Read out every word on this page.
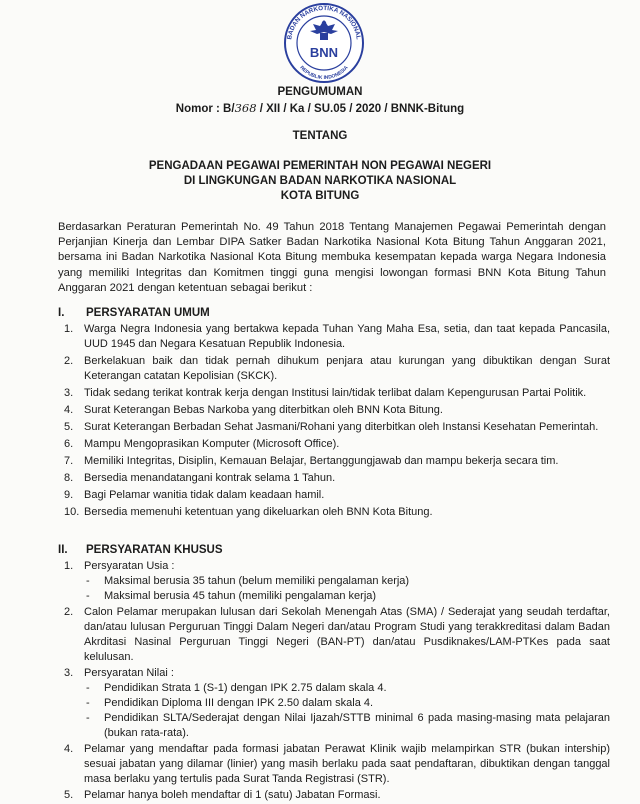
BADAN NARKOTIKA NASIONAL
REPUBLIK INDONESIA
BNN
PENGUMUMAN
Nomor : B/368 / XII / Ka / SU.05 / 2020 / BNNK-Bitung
TENTANG
PENGADAAN PEGAWAI PEMERINTAH NON PEGAWAI NEGERI
DI LINGKUNGAN BADAN NARKOTIKA NASIONAL
KOTA BITUNG
Berdasarkan Peraturan Pemerintah No. 49 Tahun 2018 Tentang Manajemen Pegawai Pemerintah dengan Perjanjian Kinerja dan Lembar DIPA Satker Badan Narkotika Nasional Kota Bitung Tahun Anggaran 2021, bersama ini Badan Narkotika Nasional Kota Bitung membuka kesempatan kepada warga Negara Indonesia yang memiliki Integritas dan Komitmen tinggi guna mengisi lowongan formasi BNN Kota Bitung Tahun Anggaran 2021 dengan ketentuan sebagai berikut :
I. PERSYARATAN UMUM
1. Warga Negra Indonesia yang bertakwa kepada Tuhan Yang Maha Esa, setia, dan taat kepada Pancasila, UUD 1945 dan Negara Kesatuan Republik Indonesia.
2. Berkelakuan baik dan tidak pernah dihukum penjara atau kurungan yang dibuktikan dengan Surat Keterangan catatan Kepolisian (SKCK).
3. Tidak sedang terikat kontrak kerja dengan Institusi lain/tidak terlibat dalam Kepengurusan Partai Politik.
4. Surat Keterangan Bebas Narkoba yang diterbitkan oleh BNN Kota Bitung.
5. Surat Keterangan Berbadan Sehat Jasmani/Rohani yang diterbitkan oleh Instansi Kesehatan Pemerintah.
6. Mampu Mengoprasikan Komputer (Microsoft Office).
7. Memiliki Integritas, Disiplin, Kemauan Belajar, Bertanggungjawab dan mampu bekerja secara tim.
8. Bersedia menandatangani kontrak selama 1 Tahun.
9. Bagi Pelamar wanitia tidak dalam keadaan hamil.
10. Bersedia memenuhi ketentuan yang dikeluarkan oleh BNN Kota Bitung.
II. PERSYARATAN KHUSUS
1. Persyaratan Usia :
- Maksimal berusia 35 tahun (belum memiliki pengalaman kerja)
- Maksimal berusia 45 tahun (memiliki pengalaman kerja)
2. Calon Pelamar merupakan lulusan dari Sekolah Menengah Atas (SMA) / Sederajat yang seudah terdaftar, dan/atau lulusan Perguruan Tinggi Dalam Negeri dan/atau Program Studi yang terakkreditasi dalam Badan Akrditasi Nasinal Perguruan Tinggi Negeri (BAN-PT) dan/atau Pusdiknakes/LAM-PTKes pada saat kelulusan.
3. Persyaratan Nilai :
- Pendidikan Strata 1 (S-1) dengan IPK 2.75 dalam skala 4.
- Pendidikan Diploma III dengan IPK 2.50 dalam skala 4.
- Pendidikan SLTA/Sederajat dengan Nilai Ijazah/STTB minimal 6 pada masing-masing mata pelajaran (bukan rata-rata).
4. Pelamar yang mendaftar pada formasi jabatan Perawat Klinik wajib melampirkan STR (bukan intership) sesuai jabatan yang dilamar (linier) yang masih berlaku pada saat pendaftaran, dibuktikan dengan tanggal masa berlaku yang tertulis pada Surat Tanda Registrasi (STR).
5. Pelamar hanya boleh mendaftar di 1 (satu) Jabatan Formasi.
